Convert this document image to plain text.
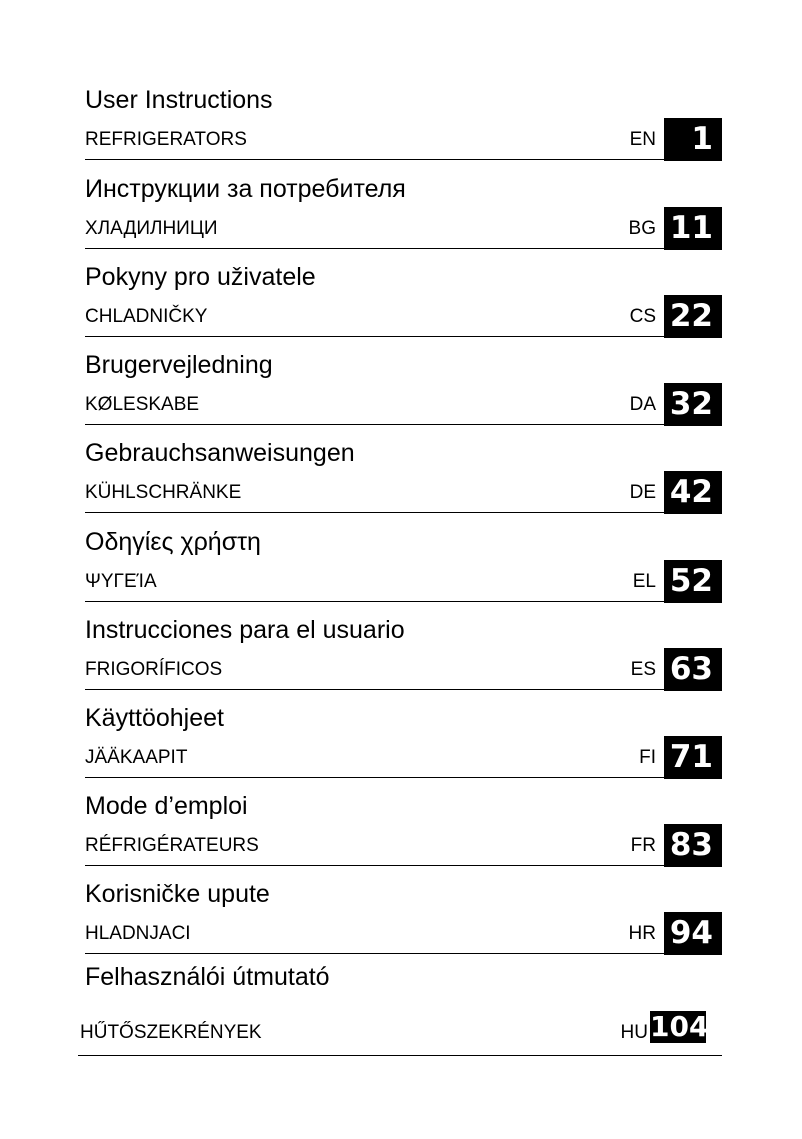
User Instructions
REFRIGERATORS	EN	1
Инструкции за потребителя
ХЛАДИЛНИЦИ	BG 11
Pokyny pro uživatele
CHLADNIČKY	CS 22
Brugervejledning
KØLESKABE	DA 32
Gebrauchsanweisungen
KÜHLSCHRÄNKE	DE 42
Οδηγίες χρήστη
ΨΥΓΕΊΑ	EL 52
Instrucciones para el usuario
FRIGORÍFICOS	ES 63
Käyttöohjeet
JÄÄKAAPIT	FI 71
Mode d’emploi
RÉFRIGÉRATEURS	FR 83
Korisničke upute
HLADNJACI	HR 94
Felhasználói útmutató
HŰTŐSZEKRÉNYEK	HU 104
